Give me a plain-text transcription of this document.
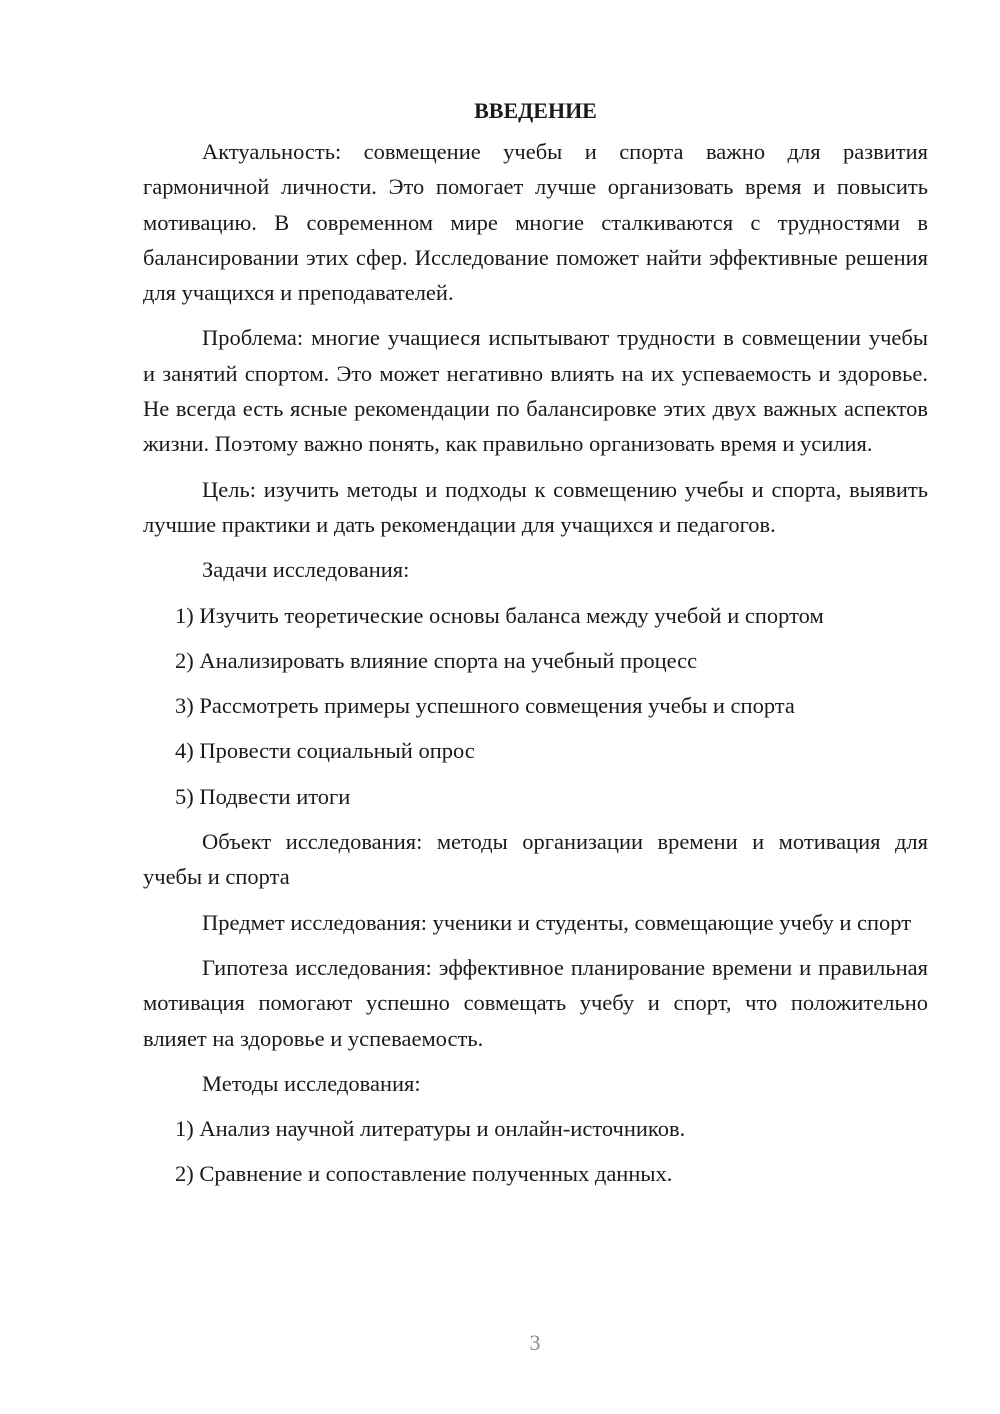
ВВЕДЕНИЕ

Актуальность: совмещение учебы и спорта важно для развития гармоничной личности. Это помогает лучше организовать время и повысить мотивацию. В современном мире многие сталкиваются с трудностями в балансировании этих сфер. Исследование поможет найти эффективные решения для учащихся и преподавателей.

Проблема: многие учащиеся испытывают трудности в совмещении учебы и занятий спортом. Это может негативно влиять на их успеваемость и здоровье. Не всегда есть ясные рекомендации по балансировке этих двух важных аспектов жизни. Поэтому важно понять, как правильно организовать время и усилия.

Цель: изучить методы и подходы к совмещению учебы и спорта, выявить лучшие практики и дать рекомендации для учащихся и педагогов.

Задачи исследования:

1) Изучить теоретические основы баланса между учебой и спортом

2) Анализировать влияние спорта на учебный процесс

3) Рассмотреть примеры успешного совмещения учебы и спорта

4) Провести социальный опрос

5) Подвести итоги

Объект исследования: методы организации времени и мотивация для учебы и спорта

Предмет исследования: ученики и студенты, совмещающие учебу и спорт

Гипотеза исследования: эффективное планирование времени и правильная мотивация помогают успешно совмещать учебу и спорт, что положительно влияет на здоровье и успеваемость.

Методы исследования:

1) Анализ научной литературы и онлайн-источников.

2) Сравнение и сопоставление полученных данных.

3
